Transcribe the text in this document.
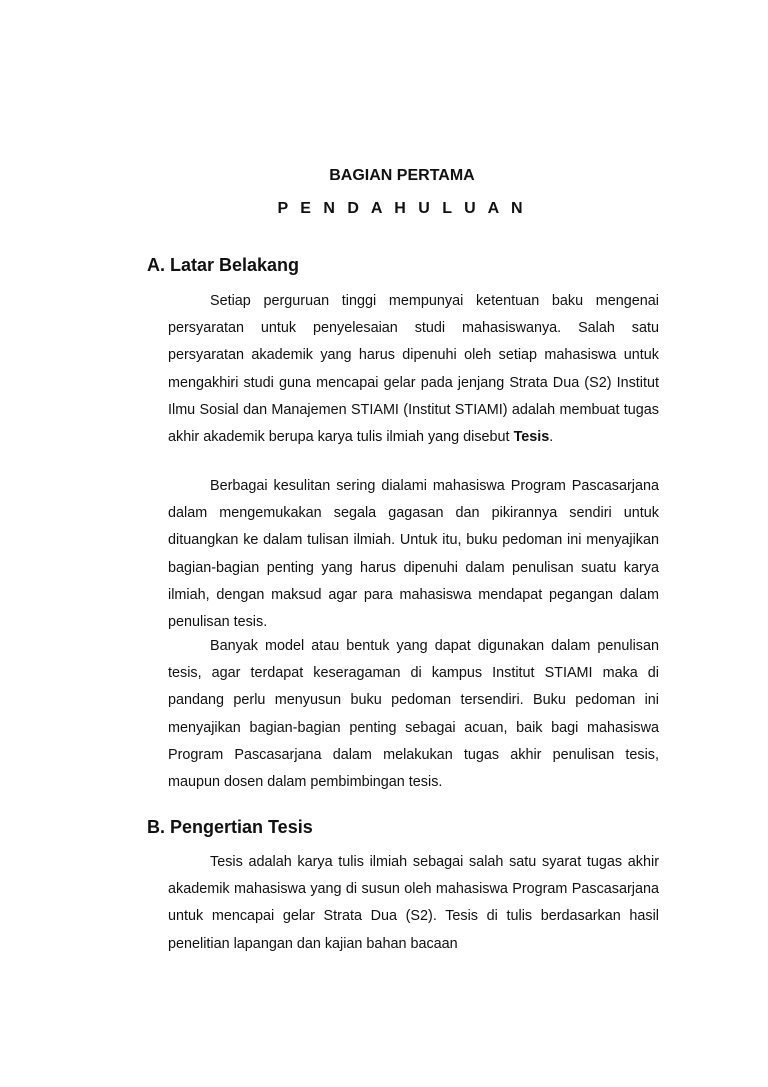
BAGIAN PERTAMA
P E N D A H U L U A N
A. Latar Belakang

Setiap perguruan tinggi mempunyai ketentuan baku mengenai persyaratan untuk penyelesaian studi mahasiswanya. Salah satu persyaratan akademik yang harus dipenuhi oleh setiap mahasiswa untuk mengakhiri studi guna mencapai gelar pada jenjang Strata Dua (S2) Institut Ilmu Sosial dan Manajemen STIAMI (Institut STIAMI) adalah membuat tugas akhir akademik berupa karya tulis ilmiah yang disebut Tesis.

Berbagai kesulitan sering dialami mahasiswa Program Pascasarjana dalam mengemukakan segala gagasan dan pikirannya sendiri untuk dituangkan ke dalam tulisan ilmiah. Untuk itu, buku pedoman ini menyajikan bagian-bagian penting yang harus dipenuhi dalam penulisan suatu karya ilmiah, dengan maksud agar para mahasiswa mendapat pegangan dalam penulisan tesis.

Banyak model atau bentuk yang dapat digunakan dalam penulisan tesis, agar terdapat keseragaman di kampus Institut STIAMI maka di pandang perlu menyusun buku pedoman tersendiri. Buku pedoman ini menyajikan bagian-bagian penting sebagai acuan, baik bagi mahasiswa Program Pascasarjana dalam melakukan tugas akhir penulisan tesis, maupun dosen dalam pembimbingan tesis.

B. Pengertian Tesis

Tesis adalah karya tulis ilmiah sebagai salah satu syarat tugas akhir akademik mahasiswa yang di susun oleh mahasiswa Program Pascasarjana untuk mencapai gelar Strata Dua (S2). Tesis di tulis berdasarkan hasil penelitian lapangan dan kajian bahan bacaan
